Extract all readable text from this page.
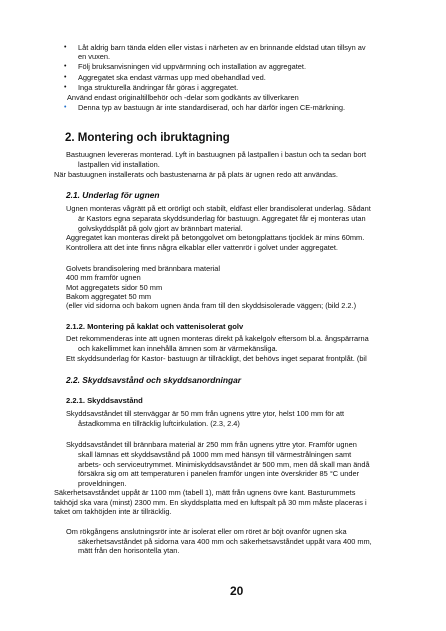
• Låt aldrig barn tända elden eller vistas i närheten av en brinnande eldstad utan tillsyn av
en vuxen.
• Följ bruksanvisningen vid uppvärmning och installation av aggregatet.
• Aggregatet ska endast värmas upp med obehandlad ved.
• Inga strukturella ändringar får göras i aggregatet.
Använd endast originaltillbehör och -delar som godkänts av tillverkaren
• Denna typ av bastuugn är inte standardiserad, och har därför ingen CE-märkning.
2. Montering och ibruktagning
Bastuugnen levereras monterad. Lyft in bastuugnen på lastpallen i bastun och ta sedan bort
lastpallen vid installation.
När bastuugnen installerats och bastustenarna är på plats är ugnen redo att användas.
2.1. Underlag för ugnen
Ugnen monteras vågrätt på ett orörligt och stabilt, eldfast eller brandisolerat underlag. Sådant
är Kastors egna separata skyddsunderlag för bastuugn. Aggregatet får ej monteras utan
golvskyddsplåt på golv gjort av brännbart material.
Aggregatet kan monteras direkt på betonggolvet om betongplattans tjocklek är mins 60mm.
Kontrollera att det inte finns några elkablar eller vattenrör i golvet under aggregatet.
Golvets brandisolering med brännbara material
400 mm framför ugnen
Mot aggregatets sidor 50 mm
Bakom aggregatet 50 mm
(eller vid sidorna och bakom ugnen ända fram till den skyddsisolerade väggen; (bild 2.2.)
2.1.2. Montering på kaklat och vattenisolerat golv
Det rekommenderas inte att ugnen monteras direkt på kakelgolv eftersom bl.a. ångspärrarna
och kakellimmet kan innehålla ämnen som är värmekänsliga.
Ett skyddsunderlag för Kastor- bastuugn är tillräckligt, det behövs inget separat frontplåt. (bil
2.2. Skyddsavstånd och skyddsanordningar
2.2.1. Skyddsavstånd
Skyddsavståndet till stenväggar är 50 mm från ugnens yttre ytor, helst 100 mm för att
åstadkomma en tillräcklig luftcirkulation. (2.3, 2.4)
Skyddsavståndet till brännbara material är 250 mm från ugnens yttre ytor. Framför ugnen
skall lämnas ett skyddsavstånd på 1000 mm med hänsyn till värmestrålningen samt
arbets- och serviceutrymmet. Minimiskyddsavståndet är 500 mm, men då skall man ändå
försäkra sig om att temperaturen i panelen framför ungen inte överskrider 85 °C under
proveldningen.
Säkerhetsavståndet uppåt är 1100 mm (tabell 1), mätt från ugnens övre kant. Basturummets
takhöjd ska vara (minst) 2300 mm. En skyddsplatta med en luftspalt på 30 mm måste placeras i
taket om takhöjden inte är tillräcklig.
Om rökgångens anslutningsrör inte är isolerat eller om röret är böjt ovanför ugnen ska
säkerhetsavståndet på sidorna vara 400 mm och säkerhetsavståndet uppåt vara 400 mm,
mätt från den horisontella ytan.
20
